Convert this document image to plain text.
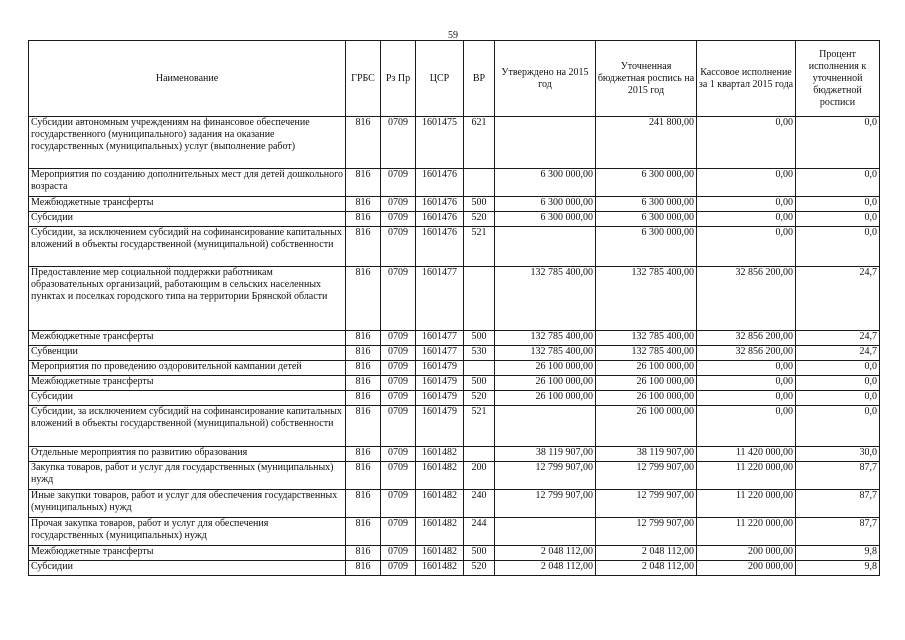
59
Наименование	ГРБС	Рз Пр	ЦСР	ВР	Утверждено на 2015 год	Уточненная бюджетная роспись на 2015 год	Кассовое исполнение за 1 квартал 2015 года	Процент исполнения к уточненной бюджетной росписи
Субсидии автономным учреждениям на финансовое обеспечение государственного (муниципального) задания на оказание государственных (муниципальных) услуг (выполнение работ)	816	0709	1601475	621		241 800,00	0,00	0,0
Мероприятия по созданию дополнительных мест для детей дошкольного возраста	816	0709	1601476		6 300 000,00	6 300 000,00	0,00	0,0
Межбюджетные трансферты	816	0709	1601476	500	6 300 000,00	6 300 000,00	0,00	0,0
Субсидии	816	0709	1601476	520	6 300 000,00	6 300 000,00	0,00	0,0
Субсидии, за исключением субсидий на софинансирование капитальных вложений в объекты государственной (муниципальной) собственности	816	0709	1601476	521		6 300 000,00	0,00	0,0
Предоставление мер социальной поддержки работникам образовательных организаций, работающим в сельских населенных пунктах и поселках городского типа на территории Брянской области	816	0709	1601477		132 785 400,00	132 785 400,00	32 856 200,00	24,7
Межбюджетные трансферты	816	0709	1601477	500	132 785 400,00	132 785 400,00	32 856 200,00	24,7
Субвенции	816	0709	1601477	530	132 785 400,00	132 785 400,00	32 856 200,00	24,7
Мероприятия по проведению оздоровительной кампании детей	816	0709	1601479		26 100 000,00	26 100 000,00	0,00	0,0
Межбюджетные трансферты	816	0709	1601479	500	26 100 000,00	26 100 000,00	0,00	0,0
Субсидии	816	0709	1601479	520	26 100 000,00	26 100 000,00	0,00	0,0
Субсидии, за исключением субсидий на софинансирование капитальных вложений в объекты государственной (муниципальной) собственности	816	0709	1601479	521		26 100 000,00	0,00	0,0
Отдельные мероприятия по развитию образования	816	0709	1601482		38 119 907,00	38 119 907,00	11 420 000,00	30,0
Закупка товаров, работ и услуг для государственных (муниципальных) нужд	816	0709	1601482	200	12 799 907,00	12 799 907,00	11 220 000,00	87,7
Иные закупки товаров, работ и услуг для обеспечения государственных (муниципальных) нужд	816	0709	1601482	240	12 799 907,00	12 799 907,00	11 220 000,00	87,7
Прочая закупка товаров, работ и услуг для обеспечения государственных (муниципальных) нужд	816	0709	1601482	244		12 799 907,00	11 220 000,00	87,7
Межбюджетные трансферты	816	0709	1601482	500	2 048 112,00	2 048 112,00	200 000,00	9,8
Субсидии	816	0709	1601482	520	2 048 112,00	2 048 112,00	200 000,00	9,8
